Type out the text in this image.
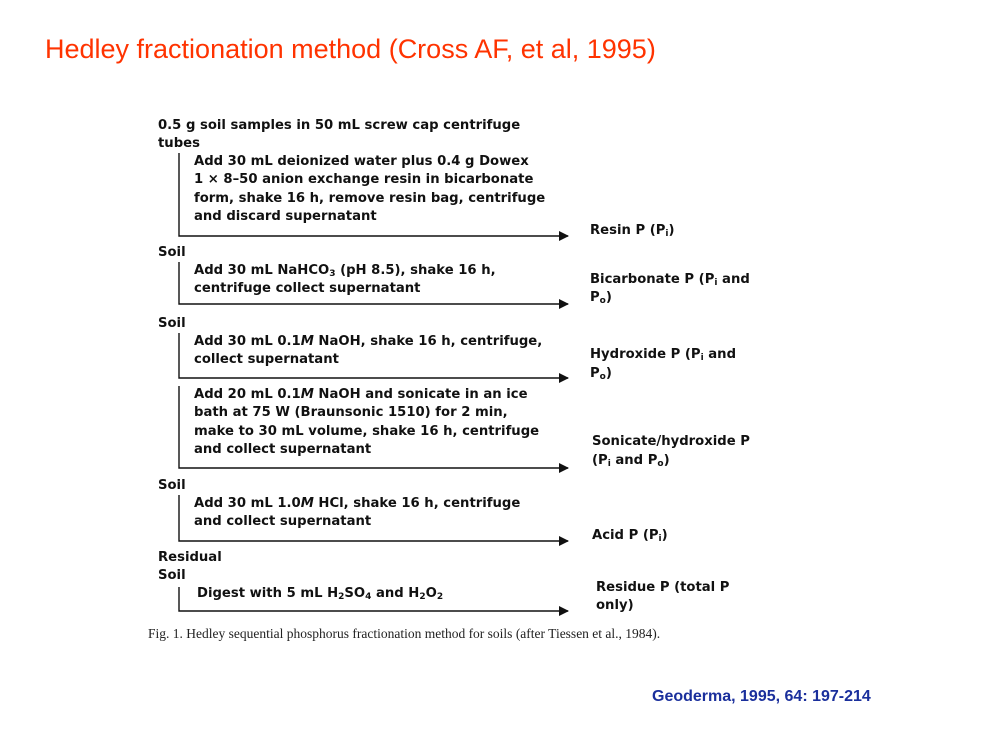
Hedley fractionation method (Cross AF, et al, 1995)
0.5 g soil samples in 50 mL screw cap centrifuge
tubes
Add 30 mL deionized water plus 0.4 g Dowex
1 × 8–50 anion exchange resin in bicarbonate
form, shake 16 h, remove resin bag, centrifuge
and discard supernatant
Resin P $(P_i)$
Soil
Add 30 mL NaHCO$_3$ (pH 8.5), shake 16 h,
centrifuge collect supernatant
Bicarbonate P ($P_i$ and
$P_o$)
Soil
Add 30 mL 0.1M NaOH, shake 16 h, centrifuge,
collect supernatant	Hydroxide P ($P_i$ and
$P_o$)
Add 20 mL 0.1M NaOH and sonicate in an ice
bath at 75 W (Braunsonic 1510) for 2 min,
make to 30 mL volume, shake 16 h, centrifuge
and collect supernatant
Sonicate/hydroxide P
($P_i$ and $P_o$)
Soil
Add 30 mL 1.0M HCl, shake 16 h, centrifuge
and collect supernatant
Acid P $(P_i)$
Residual
Soil
Digest with 5 mL $H_2SO_4$ and $H_2O_2$
Residue P (total P
only)
Fig. 1. Hedley sequential phosphorus fractionation method for soils (after Tiessen et al., 1984).
Geoderma, 1995, 64: 197-214
